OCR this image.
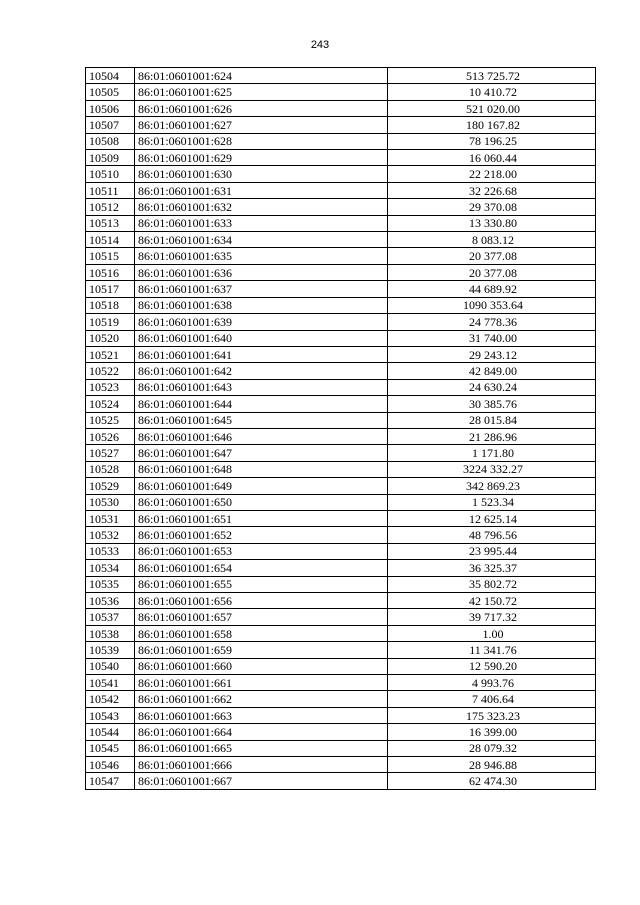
243
10504	86:01:0601001:624	513 725.72
10505	86:01:0601001:625	10 410.72
10506	86:01:0601001:626	521 020.00
10507	86:01:0601001:627	180 167.82
10508	86:01:0601001:628	78 196.25
10509	86:01:0601001:629	16 060.44
10510	86:01:0601001:630	22 218.00
10511	86:01:0601001:631	32 226.68
10512	86:01:0601001:632	29 370.08
10513	86:01:0601001:633	13 330.80
10514	86:01:0601001:634	8 083.12
10515	86:01:0601001:635	20 377.08
10516	86:01:0601001:636	20 377.08
10517	86:01:0601001:637	44 689.92
10518	86:01:0601001:638	1090 353.64
10519	86:01:0601001:639	24 778.36
10520	86:01:0601001:640	31 740.00
10521	86:01:0601001:641	29 243.12
10522	86:01:0601001:642	42 849.00
10523	86:01:0601001:643	24 630.24
10524	86:01:0601001:644	30 385.76
10525	86:01:0601001:645	28 015.84
10526	86:01:0601001:646	21 286.96
10527	86:01:0601001:647	1 171.80
10528	86:01:0601001:648	3224 332.27
10529	86:01:0601001:649	342 869.23
10530	86:01:0601001:650	1 523.34
10531	86:01:0601001:651	12 625.14
10532	86:01:0601001:652	48 796.56
10533	86:01:0601001:653	23 995.44
10534	86:01:0601001:654	36 325.37
10535	86:01:0601001:655	35 802.72
10536	86:01:0601001:656	42 150.72
10537	86:01:0601001:657	39 717.32
10538	86:01:0601001:658	1.00
10539	86:01:0601001:659	11 341.76
10540	86:01:0601001:660	12 590.20
10541	86:01:0601001:661	4 993.76
10542	86:01:0601001:662	7 406.64
10543	86:01:0601001:663	175 323.23
10544	86:01:0601001:664	16 399.00
10545	86:01:0601001:665	28 079.32
10546	86:01:0601001:666	28 946.88
10547	86:01:0601001:667	62 474.30
